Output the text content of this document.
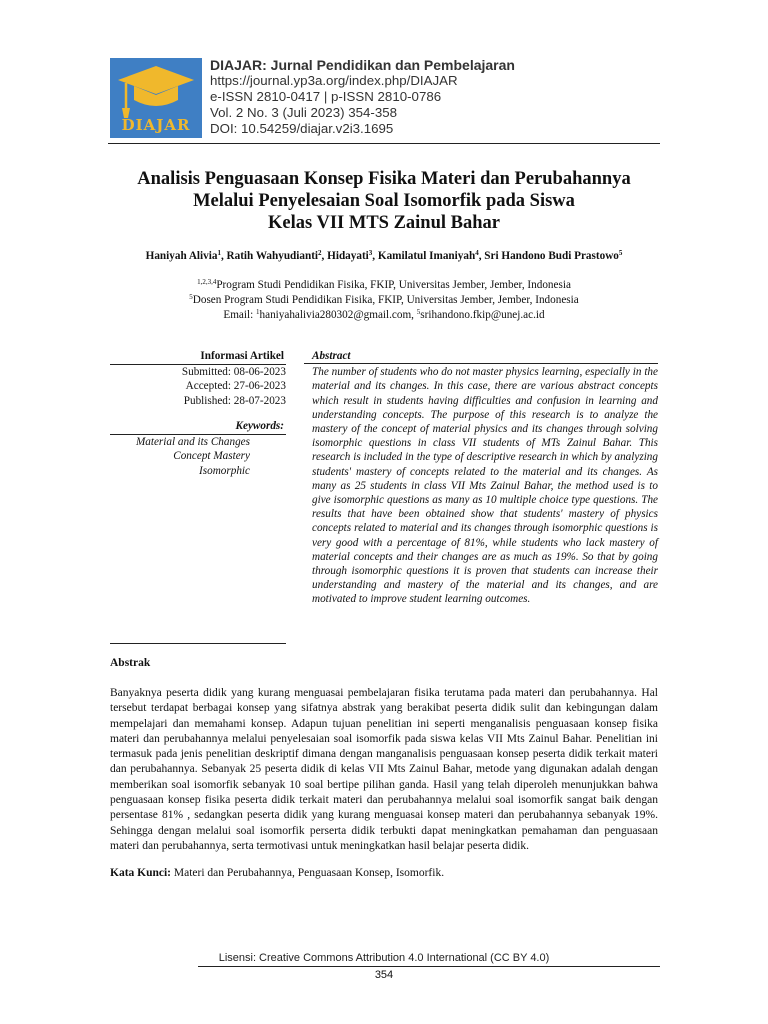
DIAJAR
DIAJAR: Jurnal Pendidikan dan Pembelajaran
https://journal.yp3a.org/index.php/DIAJAR
e-ISSN 2810-0417 | p-ISSN 2810-0786
Vol. 2 No. 3 (Juli 2023) 354-358
DOI: 10.54259/diajar.v2i3.1695
Analisis Penguasaan Konsep Fisika Materi dan Perubahannya
Melalui Penyelesaian Soal Isomorfik pada Siswa
Kelas VII MTS Zainul Bahar
Haniyah Alivia$^1$, Ratih Wahyudianti$^2$, Hidayati$^3$, Kamilatul Imaniyah$^4$, Sri Handono Budi Prastowo$^5$
$^{1,2,3,4}$Program Studi Pendidikan Fisika, FKIP, Universitas Jember, Jember, Indonesia
$^5$Dosen Program Studi Pendidikan Fisika, FKIP, Universitas Jember, Jember, Indonesia
Email: $^1$haniyahalivia280302@gmail.com, $^5$srihandono.fkip@unej.ac.id
Informasi Artikel
Submitted: 08-06-2023
Accepted: 27-06-2023
Published: 28-07-2023
Keywords:
Material and its Changes
Concept Mastery
Isomorphic
Abstract
The number of students who do not master physics learning, especially in the material and its changes. In this case, there are various abstract concepts which result in students having difficulties and confusion in learning and understanding concepts. The purpose of this research is to analyze the mastery of the concept of material physics and its changes through solving isomorphic questions in class VII students of MTs Zainul Bahar. This research is included in the type of descriptive research in which by analyzing students' mastery of concepts related to the material and its changes. As many as 25 students in class VII Mts Zainul Bahar, the method used is to give isomorphic questions as many as 10 multiple choice type questions. The results that have been obtained show that students' mastery of physics concepts related to material and its changes through isomorphic questions is very good with a percentage of 81%, while students who lack mastery of material concepts and their changes are as much as 19%. So that by going through isomorphic questions it is proven that students can increase their understanding and mastery of the material and its changes, and are motivated to improve student learning outcomes.
Abstrak
Banyaknya peserta didik yang kurang menguasai pembelajaran fisika terutama pada materi dan perubahannya. Hal tersebut terdapat berbagai konsep yang sifatnya abstrak yang berakibat peserta didik sulit dan kebingungan dalam mempelajari dan memahami konsep. Adapun tujuan penelitian ini seperti menganalisis penguasaan konsep fisika materi dan perubahannya melalui penyelesaian soal isomorfik pada siswa kelas VII Mts Zainul Bahar. Penelitian ini termasuk pada jenis penelitian deskriptif dimana dengan manganalisis penguasaan konsep peserta didik terkait materi dan perubahannya. Sebanyak 25 peserta didik di kelas VII Mts Zainul Bahar, metode yang digunakan adalah dengan memberikan soal isomorfik sebanyak 10 soal bertipe pilihan ganda. Hasil yang telah diperoleh menunjukkan bahwa penguasaan konsep fisika peserta didik terkait materi dan perubahannya melalui soal isomorfik sangat baik dengan persentase 81% , sedangkan peserta didik yang kurang menguasai konsep materi dan perubahannya sebanyak 19%. Sehingga dengan melalui soal isomorfik perserta didik terbukti dapat meningkatkan pemahaman dan penguasaan materi dan perubahannya, serta termotivasi untuk meningkatkan hasil belajar peserta didik.
Kata Kunci: Materi dan Perubahannya, Penguasaan Konsep, Isomorfik.
Lisensi: Creative Commons Attribution 4.0 International (CC BY 4.0)
354
